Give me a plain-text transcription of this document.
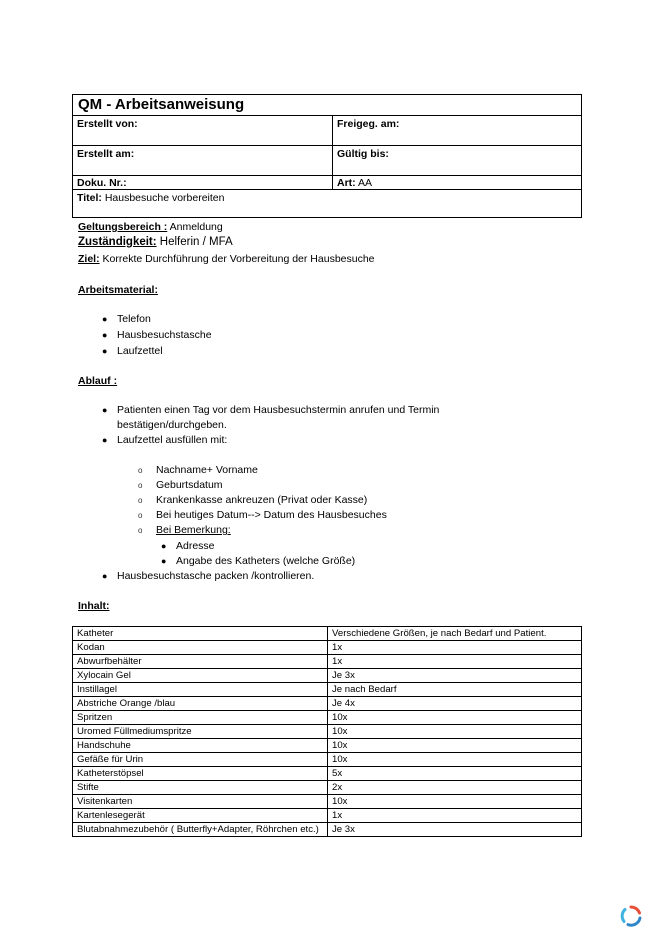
QM - Arbeitsanweisung	
Erstellt von:	Freigeg. am:
Erstellt am:	Gültig bis:
Doku. Nr.:	Art: AA
Titel: Hausbesuche vorbereiten	
Geltungsbereich : Anmeldung
Zuständigkeit: Helferin / MFA
Ziel: Korrekte Durchführung der Vorbereitung der Hausbesuche
Arbeitsmaterial:
● Telefon
● Hausbesuchstasche
● Laufzettel
Ablauf :
● Patienten einen Tag vor dem Hausbesuchstermin anrufen und Termin
bestätigen/durchgeben.
● Laufzettel ausfüllen mit:
o Nachname+ Vorname
o Geburtsdatum
o Krankenkasse ankreuzen (Privat oder Kasse)
o Bei heutiges Datum--> Datum des Hausbesuches
o Bei Bemerkung:
● Adresse
● Angabe des Katheters (welche Größe)
● Hausbesuchstasche packen /kontrollieren.
Inhalt:
Katheter	Verschiedene Größen, je nach Bedarf und Patient.
Kodan	1x
Abwurfbehälter	1x
Xylocain Gel	Je 3x
Instillagel	Je nach Bedarf
Abstriche Orange /blau	Je 4x
Spritzen	10x
Uromed Füllmediumspritze	10x
Handschuhe	10x
Gefäße für Urin	10x
Katheterstöpsel	5x
Stifte	2x
Visitenkarten	10x
Kartenlesegerät	1x
Blutabnahmezubehör ( Butterfly+Adapter, Röhrchen etc.)	Je 3x
